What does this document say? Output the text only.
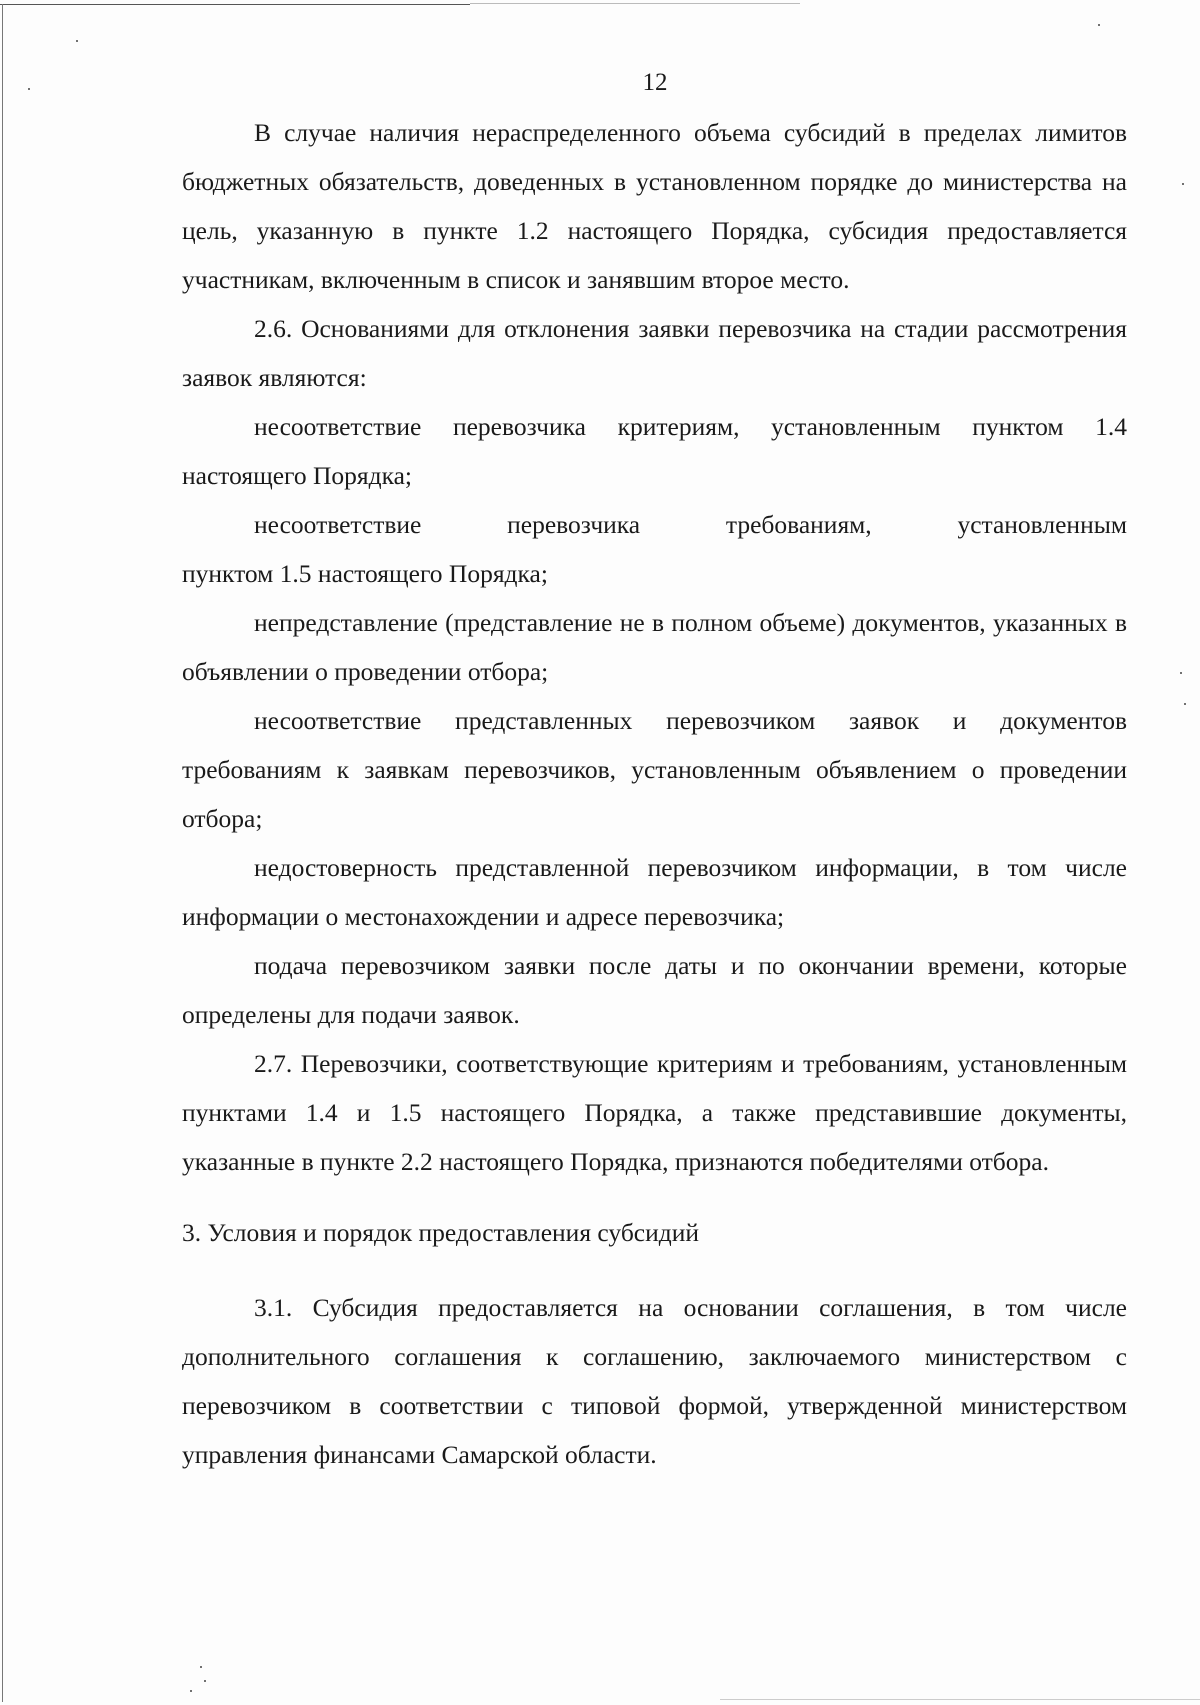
12

В случае наличия нераспределенного объема субсидий в пределах лимитов бюджетных обязательств, доведенных в установленном порядке до министерства на цель, указанную в пункте 1.2 настоящего Порядка, субсидия предоставляется участникам, включенным в список и занявшим второе место.

2.6. Основаниями для отклонения заявки перевозчика на стадии рассмотрения заявок являются:

несоответствие перевозчика критериям, установленным пунктом 1.4 настоящего Порядка;

несоответствие перевозчика требованиям, установленным

пунктом 1.5 настоящего Порядка;

непредставление (представление не в полном объеме) документов, указанных в объявлении о проведении отбора;

несоответствие представленных перевозчиком заявок и документов требованиям к заявкам перевозчиков, установленным объявлением о проведении отбора;

недостоверность представленной перевозчиком информации, в том числе информации о местонахождении и адресе перевозчика;

подача перевозчиком заявки после даты и по окончании времени, которые определены для подачи заявок.

2.7. Перевозчики, соответствующие критериям и требованиям, установленным пунктами 1.4 и 1.5 настоящего Порядка, а также представившие документы, указанные в пункте 2.2 настоящего Порядка, признаются победителями отбора.

3. Условия и порядок предоставления субсидий

3.1. Субсидия предоставляется на основании соглашения, в том числе дополнительного соглашения к соглашению, заключаемого министерством с перевозчиком в соответствии с типовой формой, утвержденной министерством управления финансами Самарской области.
